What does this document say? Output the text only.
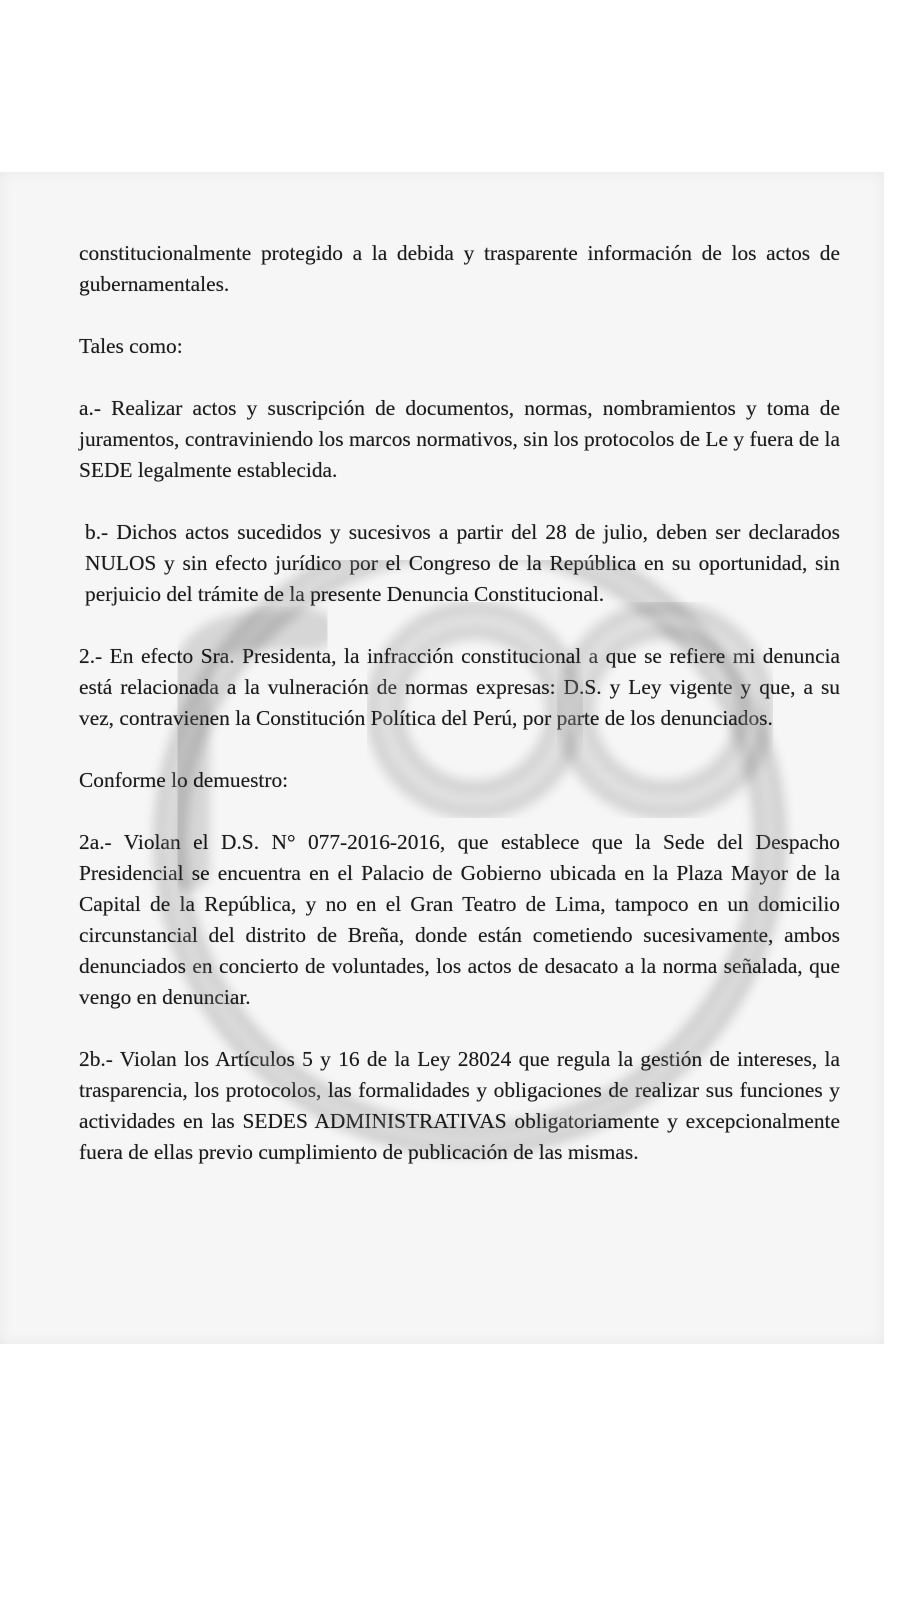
constitucionalmente protegido a la debida y trasparente información de los actos de gubernamentales.

Tales como:

a.- Realizar actos y suscripción de documentos, normas, nombramientos y toma de juramentos, contraviniendo los marcos normativos, sin los protocolos de Le y fuera de la SEDE legalmente establecida.

b.- Dichos actos sucedidos y sucesivos a partir del 28 de julio, deben ser declarados NULOS y sin efecto jurídico por el Congreso de la República en su oportunidad, sin perjuicio del trámite de la presente Denuncia Constitucional.

2.- En efecto Sra. Presidenta, la infracción constitucional a que se refiere mi denuncia está relacionada a la vulneración de normas expresas: D.S. y Ley vigente y que, a su vez, contravienen la Constitución Política del Perú, por parte de los denunciados.

Conforme lo demuestro:

2a.- Violan el D.S. N° 077-2016-2016, que establece que la Sede del Despacho Presidencial se encuentra en el Palacio de Gobierno ubicada en la Plaza Mayor de la Capital de la República, y no en el Gran Teatro de Lima, tampoco en un domicilio circunstancial del distrito de Breña, donde están cometiendo sucesivamente, ambos denunciados en concierto de voluntades, los actos de desacato a la norma señalada, que vengo en denunciar.

2b.- Violan los Artículos 5 y 16 de la Ley 28024 que regula la gestión de intereses, la trasparencia, los protocolos, las formalidades y obligaciones de realizar sus funciones y actividades en las SEDES ADMINISTRATIVAS obligatoriamente y excepcionalmente fuera de ellas previo cumplimiento de publicación de las mismas.
